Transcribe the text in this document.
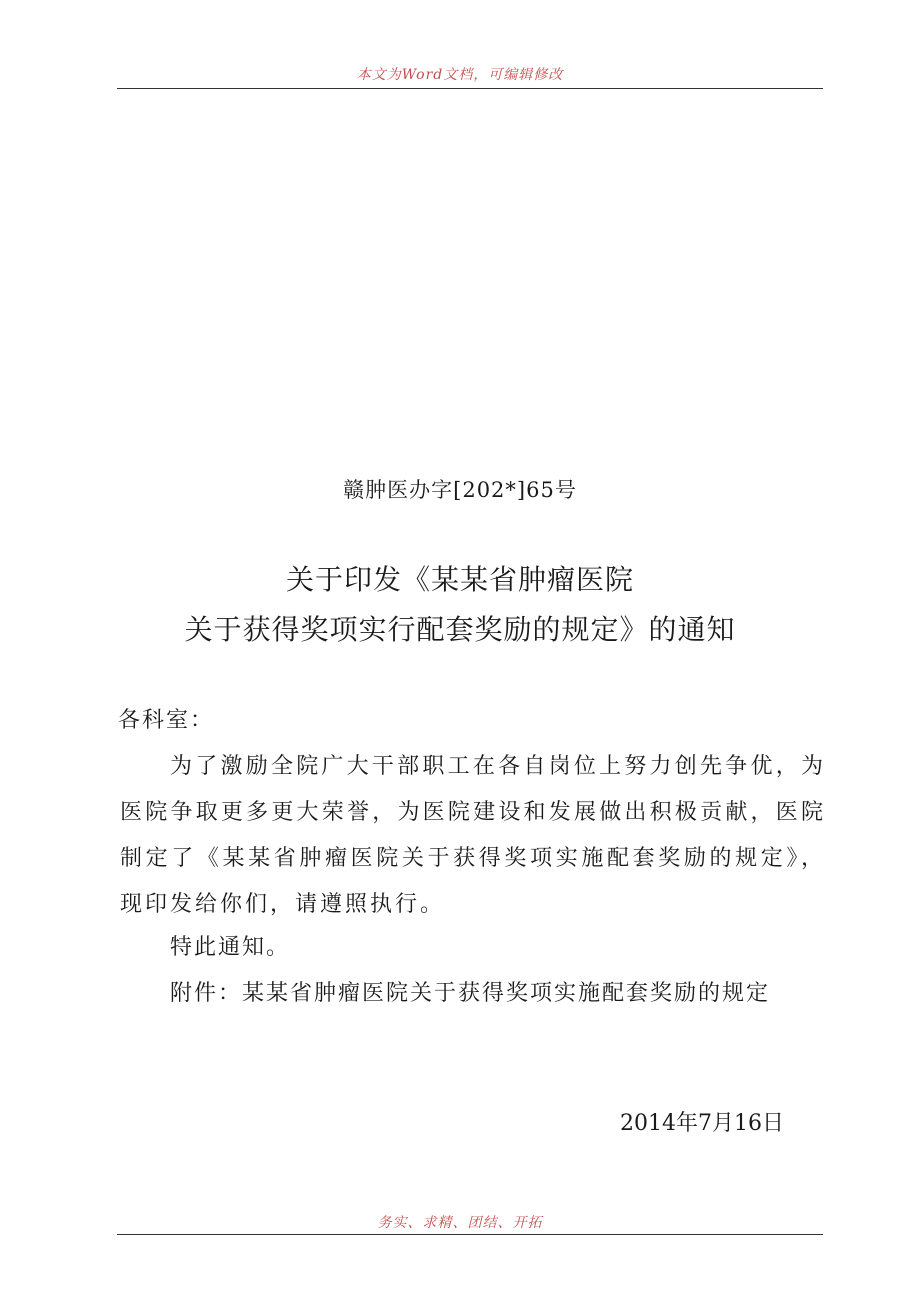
本文为Word文档，可编辑修改
赣肿医办字[202*]65号
关于印发《某某省肿瘤医院
关于获得奖项实行配套奖励的规定》的通知
各科室：

为了激励全院广大干部职工在各自岗位上努力创先争优，为医院争取更多更大荣誉，为医院建设和发展做出积极贡献，医院制定了《某某省肿瘤医院关于获得奖项实施配套奖励的规定》，现印发给你们，请遵照执行。

特此通知。
附件：某某省肿瘤医院关于获得奖项实施配套奖励的规定
2014年7月16日
务实、求精、团结、开拓
